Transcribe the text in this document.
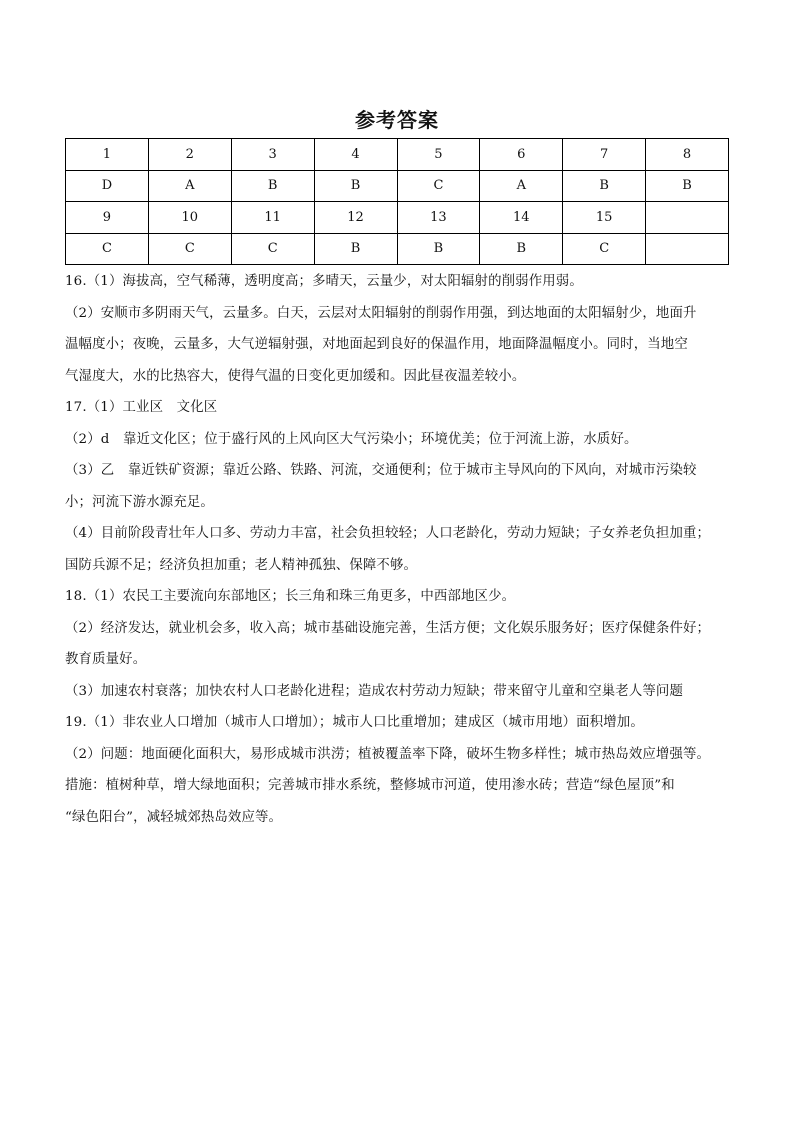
参考答案
1	2	3	4	5	6	7	8
D	A	B	B	C	A	B	B
9	10	11	12	13	14	15	
C	C	C	B	B	B	C	
16.（1）海拔高，空气稀薄，透明度高；多晴天，云量少，对太阳辐射的削弱作用弱。
（2）安顺市多阴雨天气，云量多。白天，云层对太阳辐射的削弱作用强，到达地面的太阳辐射少，地面升
温幅度小；夜晚，云量多，大气逆辐射强，对地面起到良好的保温作用，地面降温幅度小。同时，当地空
气湿度大，水的比热容大，使得气温的日变化更加缓和。因此昼夜温差较小。
17.（1）工业区　文化区
（2）d　靠近文化区；位于盛行风的上风向区大气污染小；环境优美；位于河流上游，水质好。
（3）乙　靠近铁矿资源；靠近公路、铁路、河流，交通便利；位于城市主导风向的下风向，对城市污染较
小；河流下游水源充足。
（4）目前阶段青壮年人口多、劳动力丰富，社会负担较轻；人口老龄化，劳动力短缺；子女养老负担加重；
国防兵源不足；经济负担加重；老人精神孤独、保障不够。
18.（1）农民工主要流向东部地区；长三角和珠三角更多，中西部地区少。
（2）经济发达，就业机会多，收入高；城市基础设施完善，生活方便；文化娱乐服务好；医疗保健条件好；
教育质量好。
（3）加速农村衰落；加快农村人口老龄化进程；造成农村劳动力短缺；带来留守儿童和空巢老人等问题
19.（1）非农业人口增加（城市人口增加）；城市人口比重增加；建成区（城市用地）面积增加。
（2）问题：地面硬化面积大，易形成城市洪涝；植被覆盖率下降，破坏生物多样性；城市热岛效应增强等。
措施：植树种草，增大绿地面积；完善城市排水系统，整修城市河道，使用渗水砖；营造“绿色屋顶”和
“绿色阳台”，减轻城郊热岛效应等。
